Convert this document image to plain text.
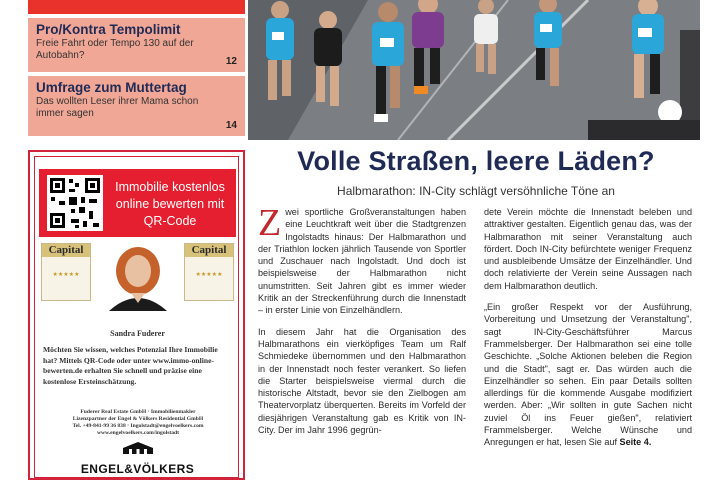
Pro/Kontra Tempolimit

Freie Fahrt oder Tempo 130 auf der Autobahn?

12
Umfrage zum Muttertag

Das wollten Leser ihrer Mama schon immer sagen

14
Immobilie kostenlos online bewerten mit QR-Code
Capital
★★★★★
Capital
★★★★★
Sandra Fuderer
Möchten Sie wissen, welches Potenzial Ihre Immobilie hat? Mittels QR-Code oder unter www.immo-online-bewerten.de erhalten Sie schnell und präzise eine kostenlose Ersteinschätzung.
Fuderer Real Estate GmbH · Immobilienmakler
Lizenzpartner der Engel & Völkers Residential GmbH
Tel. +49-841-99 36 838 · Ingolstadt@engelvoelkers.com
www.engelvoelkers.com/ingolstadt
ENGEL&VÖLKERS
Volle Straßen, leere Läden?
Halbmarathon: IN-City schlägt versöhnliche Töne an

Zwei sportliche Großveranstaltungen haben eine Leuchtkraft weit über die Stadtgrenzen Ingolstadts hinaus: Der Halbmarathon und der Triathlon locken jährlich Tausende von Sportler und Zuschauer nach Ingolstadt. Und doch ist beispielsweise der Halbmarathon nicht unumstritten. Seit Jahren gibt es immer wieder Kritik an der Streckenführung durch die Innenstadt – in erster Linie von Einzelhändlern.

In diesem Jahr hat die Organisation des Halbmarathons ein vierköpfiges Team um Ralf Schmiedeke übernommen und den Halbmarathon in der Innenstadt noch fester verankert. So liefen die Starter beispielsweise viermal durch die historische Altstadt, bevor sie den Zielbogen am Theatervorplatz überquerten. Bereits im Vorfeld der diesjährigen Veranstaltung gab es Kritik von IN-City. Der im Jahr 1996 gegrün-

dete Verein möchte die Innenstadt beleben und attraktiver gestalten. Eigentlich genau das, was der Halbmarathon mit seiner Veranstaltung auch fördert. Doch IN-City befürchtete weniger Frequenz und ausbleibende Umsätze der Einzelhändler. Und doch relativierte der Verein seine Aussagen nach dem Halbmarathon deutlich.

„Ein großer Respekt vor der Ausführung, Vorbereitung und Umsetzung der Veranstaltung", sagt IN-City-Geschäftsführer Marcus Frammelsberger. Der Halbmarathon sei eine tolle Geschichte. „Solche Aktionen beleben die Region und die Stadt", sagt er. Das würden auch die Einzelhändler so sehen. Ein paar Details sollten allerdings für die kommende Ausgabe modifiziert werden. Aber: „Wir sollten in gute Sachen nicht zuviel Öl ins Feuer gießen", relativiert Frammelsberger. Welche Wünsche und Anregungen er hat, lesen Sie auf Seite 4.
